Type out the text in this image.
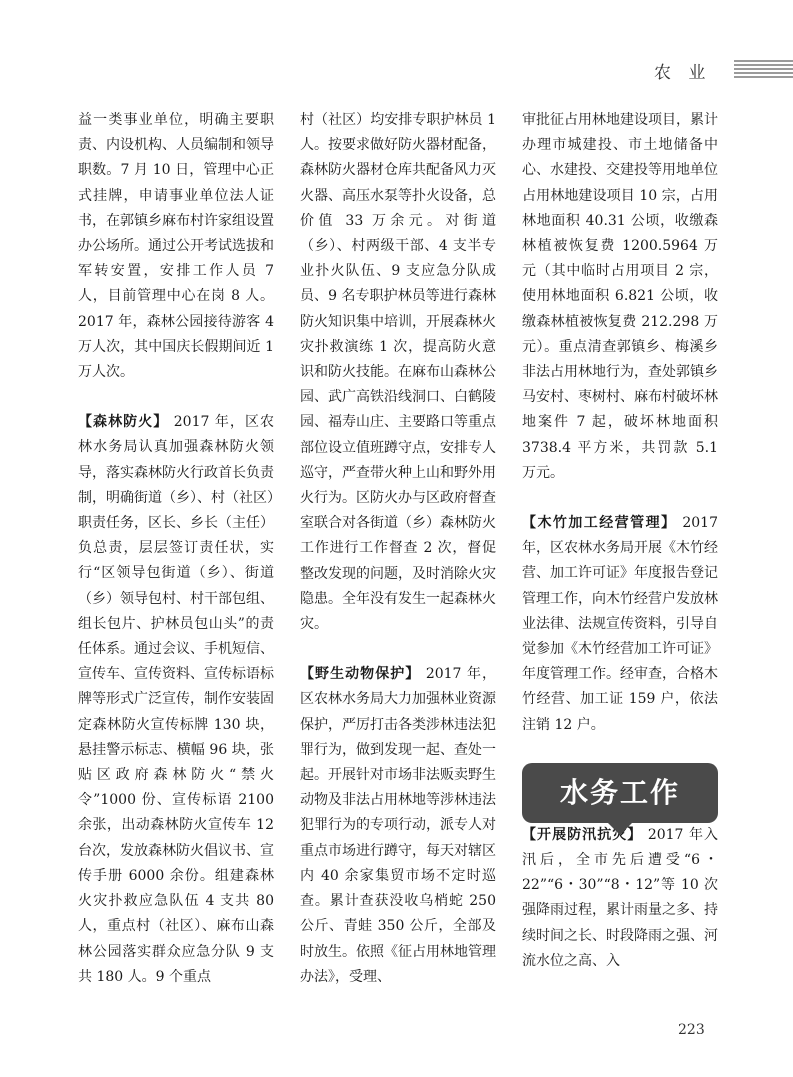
农 业

益一类事业单位，明确主要职责、内设机构、人员编制和领导职数。7 月 10 日，管理中心正式挂牌，申请事业单位法人证书，在郭镇乡麻布村许家组设置办公场所。通过公开考试选拔和军转安置，安排工作人员 7 人，目前管理中心在岗 8 人。2017 年，森林公园接待游客 4 万人次，其中国庆长假期间近 1 万人次。

【森林防火】 2017 年，区农林水务局认真加强森林防火领导，落实森林防火行政首长负责制，明确街道（乡）、村（社区）职责任务，区长、乡长（主任）负总责，层层签订责任状，实行“区领导包街道（乡）、街道（乡）领导包村、村干部包组、组长包片、护林员包山头”的责任体系。通过会议、手机短信、宣传车、宣传资料、宣传标语标牌等形式广泛宣传，制作安装固定森林防火宣传标牌 130 块，悬挂警示标志、横幅 96 块，张贴区政府森林防火“禁火令”1000 份、宣传标语 2100 余张，出动森林防火宣传车 12 台次，发放森林防火倡议书、宣传手册 6000 余份。组建森林火灾扑救应急队伍 4 支共 80 人，重点村（社区）、麻布山森林公园落实群众应急分队 9 支共 180 人。9 个重点

村（社区）均安排专职护林员 1 人。按要求做好防火器材配备，森林防火器材仓库共配备风力灭火器、高压水泵等扑火设备，总价值 33 万余元。对街道（乡）、村两级干部、4 支半专业扑火队伍、9 支应急分队成员、9 名专职护林员等进行森林防火知识集中培训，开展森林火灾扑救演练 1 次，提高防火意识和防火技能。在麻布山森林公园、武广高铁沿线洞口、白鹤陵园、福寿山庄、主要路口等重点部位设立值班蹲守点，安排专人巡守，严查带火种上山和野外用火行为。区防火办与区政府督查室联合对各街道（乡）森林防火工作进行工作督查 2 次，督促整改发现的问题，及时消除火灾隐患。全年没有发生一起森林火灾。

【野生动物保护】 2017 年，区农林水务局大力加强林业资源保护，严厉打击各类涉林违法犯罪行为，做到发现一起、查处一起。开展针对市场非法贩卖野生动物及非法占用林地等涉林违法犯罪行为的专项行动，派专人对重点市场进行蹲守，每天对辖区内 40 余家集贸市场不定时巡查。累计查获没收乌梢蛇 250 公斤、青蛙 350 公斤，全部及时放生。依照《征占用林地管理办法》，受理、

审批征占用林地建设项目，累计办理市城建投、市土地储备中心、水建投、交建投等用地单位占用林地建设项目 10 宗，占用林地面积 40.31 公顷，收缴森林植被恢复费 1200.5964 万元（其中临时占用项目 2 宗，使用林地面积 6.821 公顷，收缴森林植被恢复费 212.298 万元）。重点清查郭镇乡、梅溪乡非法占用林地行为，查处郭镇乡马安村、枣树村、麻布村破坏林地案件 7 起，破坏林地面积 3738.4 平方米，共罚款 5.1 万元。

【木竹加工经营管理】 2017 年，区农林水务局开展《木竹经营、加工许可证》年度报告登记管理工作，向木竹经营户发放林业法律、法规宣传资料，引导自觉参加《木竹经营加工许可证》年度管理工作。经审查，合格木竹经营、加工证 159 户，依法注销 12 户。

水务工作

【开展防汛抗灾】 2017 年入汛后，全市先后遭受“6・22”“6・30”“8・12”等 10 次强降雨过程，累计雨量之多、持续时间之长、时段降雨之强、河流水位之高、入

223
